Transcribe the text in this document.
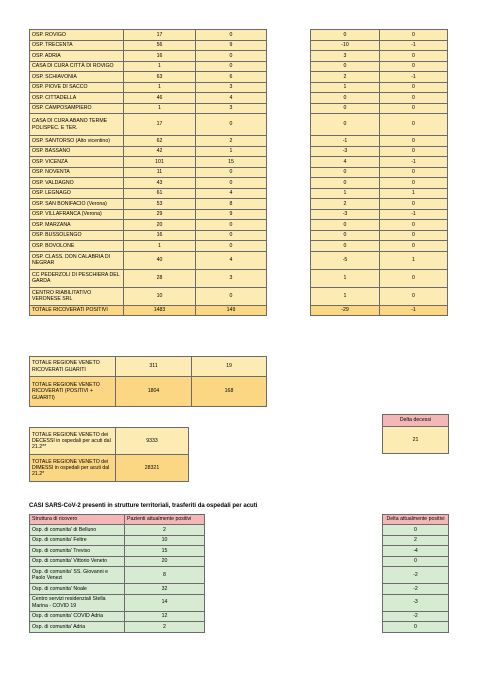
OSP. ROVIGO	17	0
OSP. TRECENTA	56	9
OSP. ADRIA	16	0
CASA DI CURA CITTÀ DI ROVIGO	1	0
OSP. SCHIAVONIA	63	6
OSP. PIOVE DI SACCO	1	3
OSP. CITTADELLA	46	4
OSP. CAMPOSAMPIERO	1	3
CASA DI CURA ABANO TERME POLISPEC. E TER.	17	0
OSP. SANTORSO (Alto vicentino)	62	2
OSP. BASSANO	42	1
OSP. VICENZA	101	15
OSP. NOVENTA	11	0
OSP. VALDAGNO	43	0
OSP. LEGNAGO	61	4
OSP. SAN BONIFACIO (Verona)	53	8
OSP. VILLAFRANCA (Verona)	29	9
OSP. MARZANA	20	0
OSP. BUSSOLENGO	16	0
OSP. BOVOLONE	1	0
OSP. CLASS. DON CALABRIA DI NEGRAR	40	4
CC PEDERZOLI DI PESCHIERA DEL GARDA	28	3
CENTRO RIABILITATIVO VERONESE SRL	10	0
TOTALE RICOVERATI POSITIVI	1483	149
0	0
-10	-1
3	0
0	0
2	-1
1	0
0	0
0	0
0	0
-1	0
-3	0
4	-1
0	0
0	0
1	1
2	0
-3	-1
0	0
0	0
0	0
-5	1
1	0
1	0
-29	-1
TOTALE REGIONE VENETO RICOVERATI GUARITI	311	19
TOTALE REGIONE VENETO RICOVERATI (POSITIVI + GUARITI)	1804	168
TOTALE REGIONE VENETO dei DECESSI in ospedali per acuti dal 21.2**	9333
TOTALE REGIONE VENETO dei DIMESSI in ospedali per acuti dal 21.2*	28321
Delta decessi
21
CASI SARS-CoV-2 presenti in strutture territoriali, trasferiti da ospedali per acuti
Struttura di ricovero	Pazienti attualmente positivi
Osp. di comunita' di Belluno	2
Osp. di comunita' Feltre	10
Osp. di comunita' Treviso	15
Osp. di comunita' Vittorio Veneto	20
Osp. di comunita' SS. Giovanni e Paolo Venezi	8
Osp. di comunita' Noale	32
Centro servizi residenziali Stella Marina - COVID 19	14
Osp. di comunita' COVID Adria	12
Osp. di comunita' Adria	2
Delta attualmente positivi
0
2
-4
0
-2
-2
-3
-2
0
